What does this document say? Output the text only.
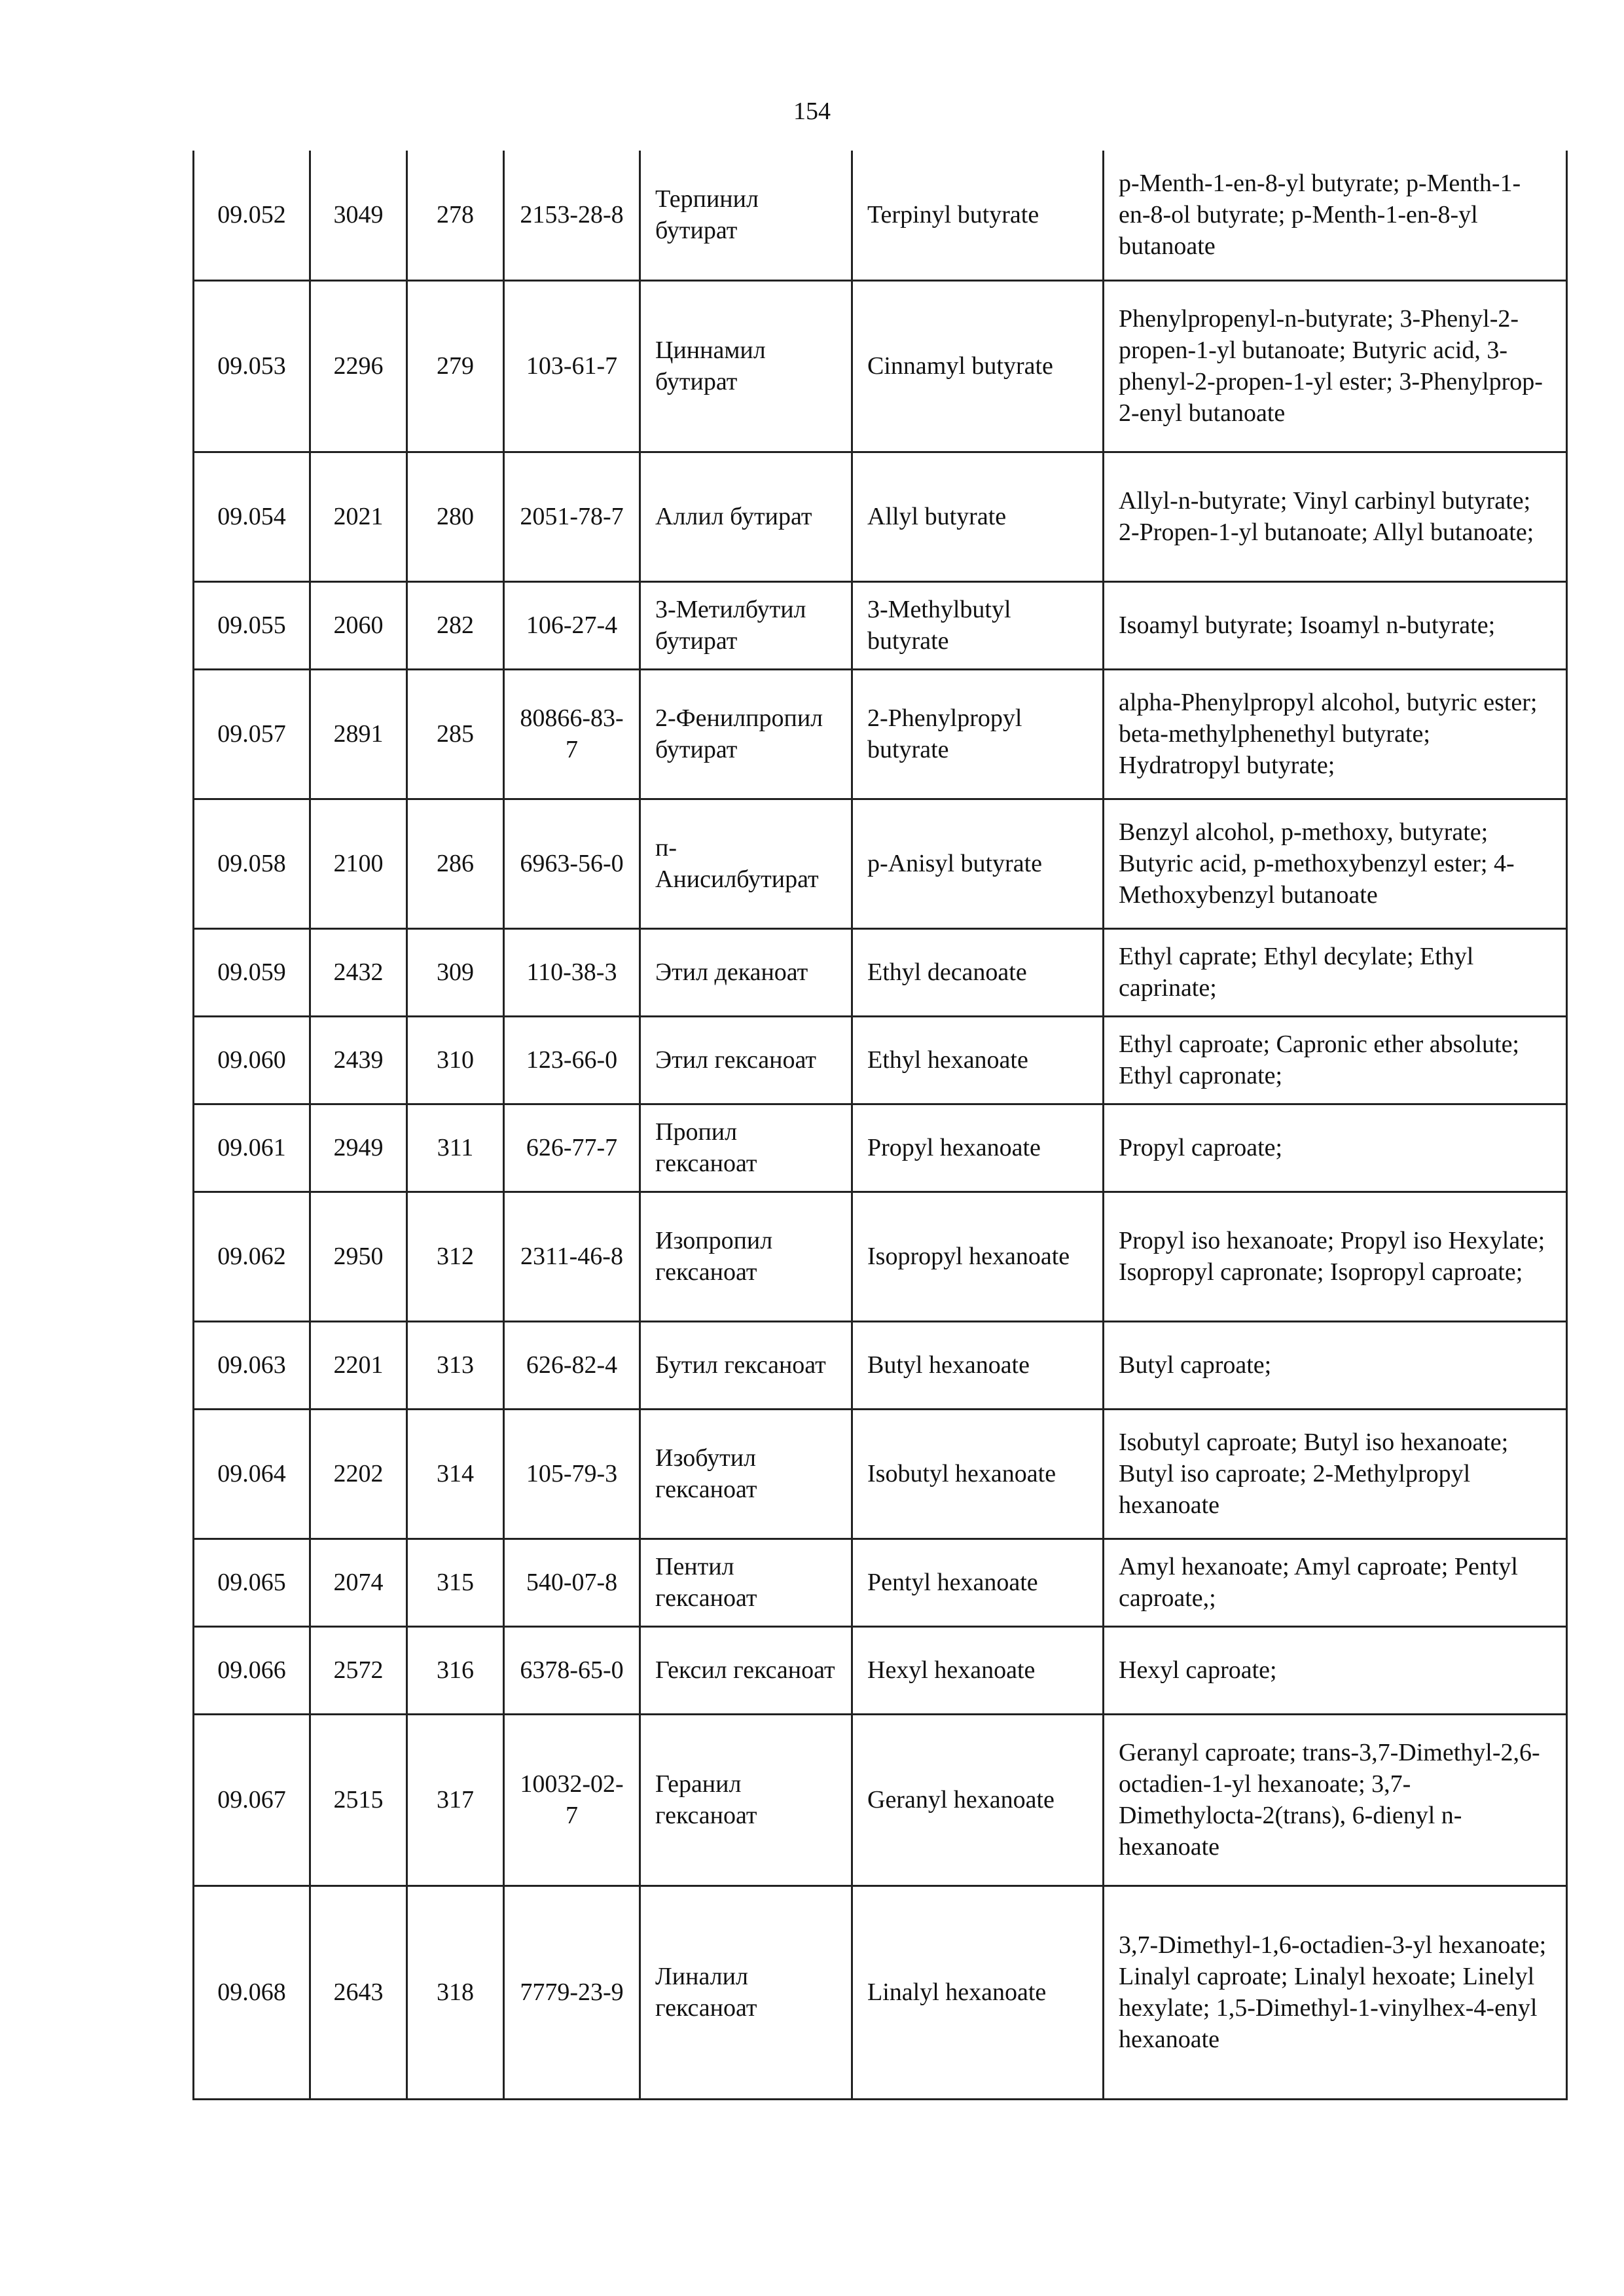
154
09.052	3049	278	2153-28-8	Терпинил бутират	Terpinyl butyrate	p-Menth-1-en-8-yl butyrate; p-Menth-1-en-8-ol butyrate; p-Menth-1-en-8-yl butanoate
09.053	2296	279	103-61-7	Циннамил бутират	Cinnamyl butyrate	Phenylpropenyl-n-butyrate; 3-Phenyl-2-propen-1-yl butanoate; Butyric acid, 3-phenyl-2-propen-1-yl ester; 3-Phenylprop-2-enyl butanoate
09.054	2021	280	2051-78-7	Аллил бутират	Allyl butyrate	Allyl-n-butyrate; Vinyl carbinyl butyrate; 2-Propen-1-yl butanoate; Allyl butanoate;
09.055	2060	282	106-27-4	3-Метилбутил бутират	3-Methylbutyl butyrate	Isoamyl butyrate; Isoamyl n-butyrate;
09.057	2891	285	80866-83-7	2-Фенилпропил бутират	2-Phenylpropyl butyrate	alpha-Phenylpropyl alcohol, butyric ester; beta-methylphenethyl butyrate; Hydratropyl butyrate;
09.058	2100	286	6963-56-0	п-Анисилбутират	p-Anisyl butyrate	Benzyl alcohol, p-methoxy, butyrate; Butyric acid, p-methoxybenzyl ester; 4-Methoxybenzyl butanoate
09.059	2432	309	110-38-3	Этил деканоат	Ethyl decanoate	Ethyl caprate; Ethyl decylate; Ethyl caprinate;
09.060	2439	310	123-66-0	Этил гексаноат	Ethyl hexanoate	Ethyl caproate; Capronic ether absolute; Ethyl capronate;
09.061	2949	311	626-77-7	Пропил гексаноат	Propyl hexanoate	Propyl caproate;
09.062	2950	312	2311-46-8	Изопропил гексаноат	Isopropyl hexanoate	Propyl iso hexanoate; Propyl iso Hexylate; Isopropyl capronate; Isopropyl caproate;
09.063	2201	313	626-82-4	Бутил гексаноат	Butyl hexanoate	Butyl caproate;
09.064	2202	314	105-79-3	Изобутил гексаноат	Isobutyl hexanoate	Isobutyl caproate; Butyl iso hexanoate; Butyl iso caproate; 2-Methylpropyl hexanoate
09.065	2074	315	540-07-8	Пентил гексаноат	Pentyl hexanoate	Amyl hexanoate; Amyl caproate; Pentyl caproate,;
09.066	2572	316	6378-65-0	Гексил гексаноат	Hexyl hexanoate	Hexyl caproate;
09.067	2515	317	10032-02-7	Геранил гексаноат	Geranyl hexanoate	Geranyl caproate; trans-3,7-Dimethyl-2,6-octadien-1-yl hexanoate; 3,7-Dimethylocta-2(trans), 6-dienyl n-hexanoate
09.068	2643	318	7779-23-9	Линалил гексаноат	Linalyl hexanoate	3,7-Dimethyl-1,6-octadien-3-yl hexanoate; Linalyl caproate; Linalyl hexoate; Linelyl hexylate; 1,5-Dimethyl-1-vinylhex-4-enyl hexanoate
